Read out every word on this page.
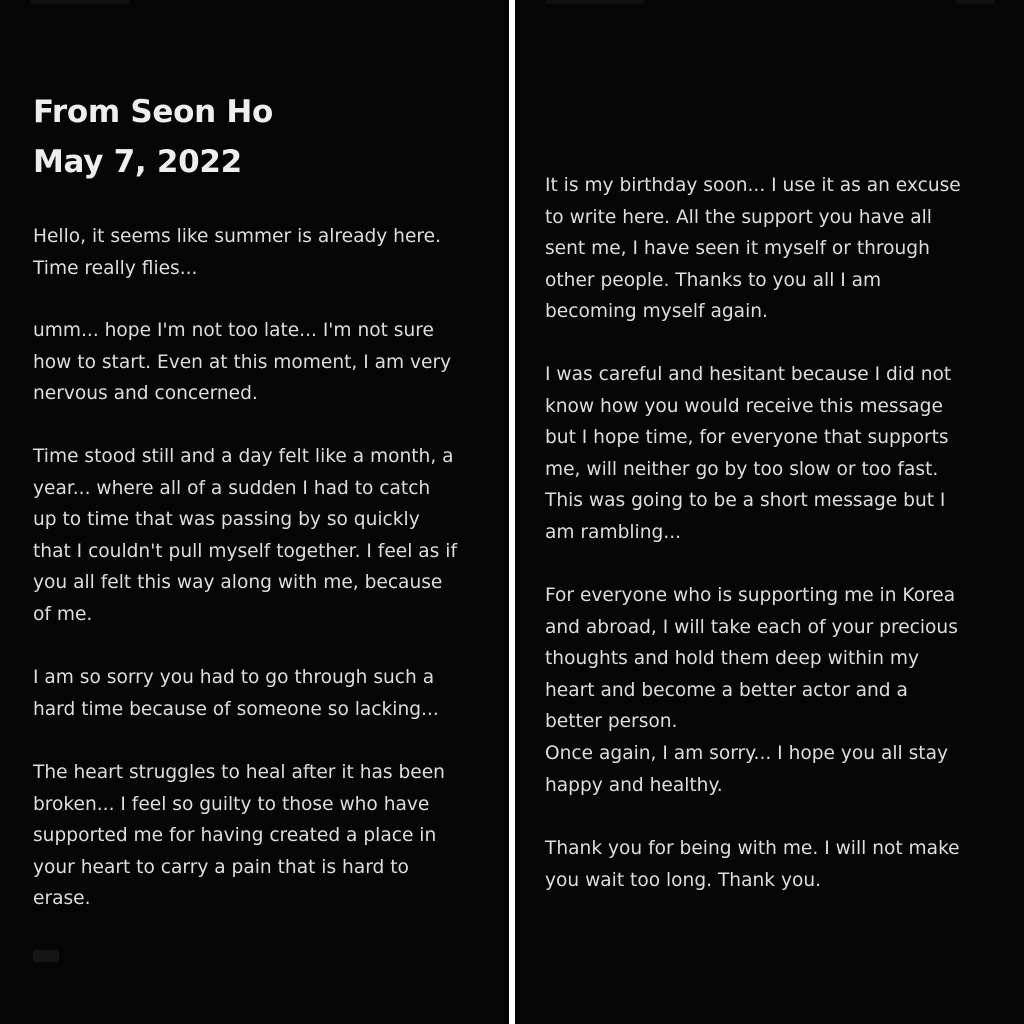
From Seon Ho
May 7, 2022

Hello, it seems like summer is already here.
Time really flies...

umm... hope I'm not too late... I'm not sure
how to start. Even at this moment, I am very
nervous and concerned.

Time stood still and a day felt like a month, a
year... where all of a sudden I had to catch
up to time that was passing by so quickly
that I couldn't pull myself together. I feel as if
you all felt this way along with me, because
of me.

I am so sorry you had to go through such a
hard time because of someone so lacking...

The heart struggles to heal after it has been
broken... I feel so guilty to those who have
supported me for having created a place in
your heart to carry a pain that is hard to
erase.

It is my birthday soon... I use it as an excuse
to write here. All the support you have all
sent me, I have seen it myself or through
other people. Thanks to you all I am
becoming myself again.

I was careful and hesitant because I did not
know how you would receive this message
but I hope time, for everyone that supports
me, will neither go by too slow or too fast.
This was going to be a short message but I
am rambling...

For everyone who is supporting me in Korea
and abroad, I will take each of your precious
thoughts and hold them deep within my
heart and become a better actor and a
better person.
Once again, I am sorry... I hope you all stay
happy and healthy.

Thank you for being with me. I will not make
you wait too long. Thank you.
